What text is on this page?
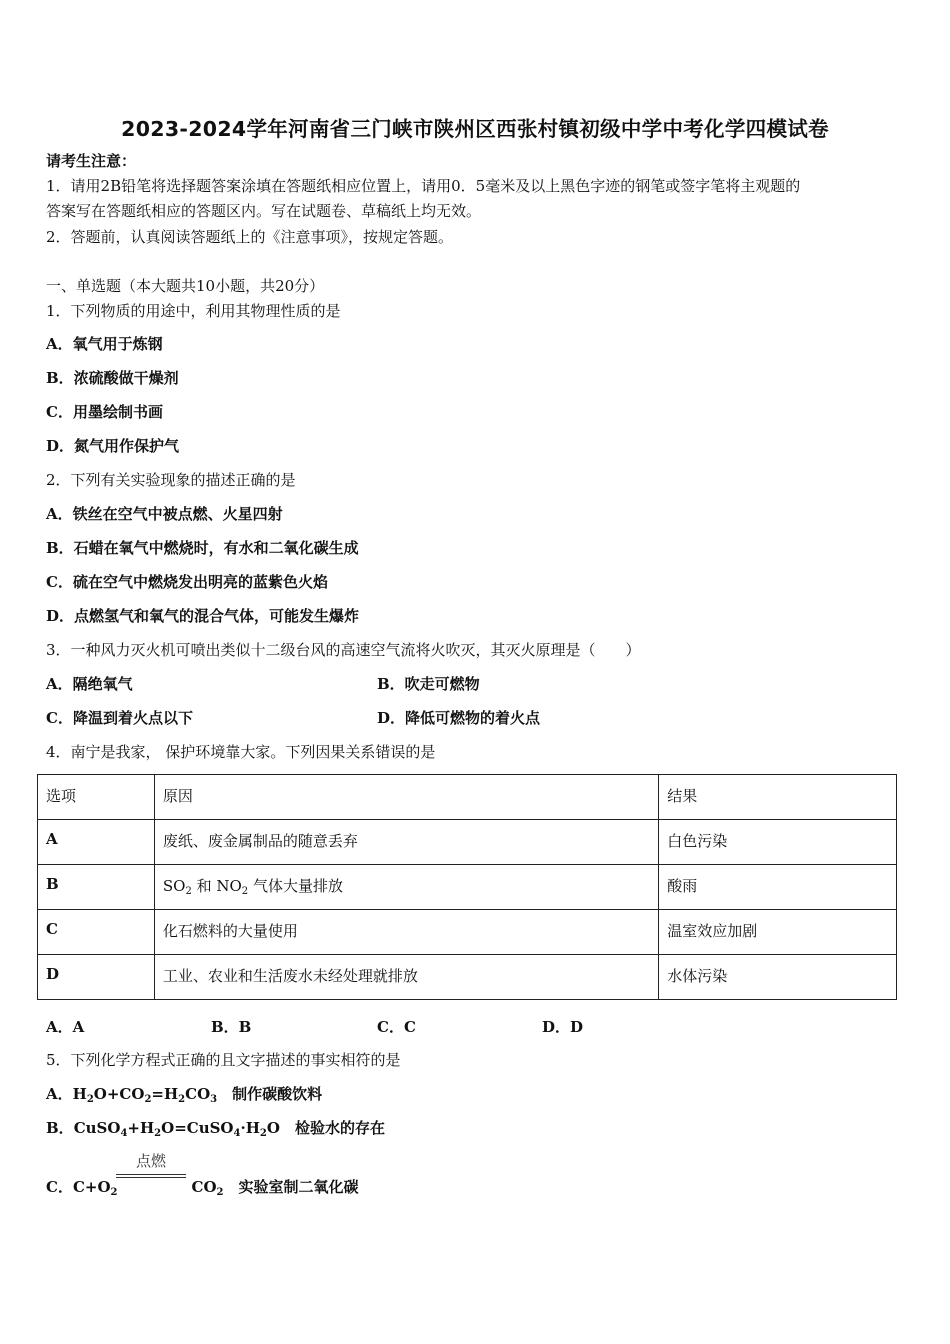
2023-2024学年河南省三门峡市陕州区西张村镇初级中学中考化学四模试卷
请考生注意：
1．请用2B铅笔将选择题答案涂填在答题纸相应位置上，请用0．5毫米及以上黑色字迹的钢笔或签字笔将主观题的
答案写在答题纸相应的答题区内。写在试题卷、草稿纸上均无效。
2．答题前，认真阅读答题纸上的《注意事项》，按规定答题。
一、单选题（本大题共10小题，共20分）
1．下列物质的用途中，利用其物理性质的是
A．氧气用于炼钢
B．浓硫酸做干燥剂
C．用墨绘制书画
D．氮气用作保护气
2．下列有关实验现象的描述正确的是
A．铁丝在空气中被点燃、火星四射
B．石蜡在氧气中燃烧时，有水和二氧化碳生成
C．硫在空气中燃烧发出明亮的蓝紫色火焰
D．点燃氢气和氧气的混合气体，可能发生爆炸
3．一种风力灭火机可喷出类似十二级台风的高速空气流将火吹灭，其灭火原理是（　　）
A．隔绝氧气	B．吹走可燃物
C．降温到着火点以下	D．降低可燃物的着火点
4．南宁是我家， 保护环境靠大家。下列因果关系错误的是
选项	原因	结果
A	废纸、废金属制品的随意丢弃	白色污染
B	$SO_2$ 和 $NO_2$ 气体大量排放	酸雨
C	化石燃料的大量使用	温室效应加剧
D	工业、农业和生活废水未经处理就排放	水体污染
A．A	B．B	C．C	D．D
5．下列化学方程式正确的且文字描述的事实相符的是
A．$H_2O+CO_2=H_2CO_3$　制作碳酸饮料
B．$CuSO_4+H_2O=CuSO_4\cdot H_2O$　检验水的存在
点燃
C．$C+O_2$	$CO_2$　实验室制二氧化碳
